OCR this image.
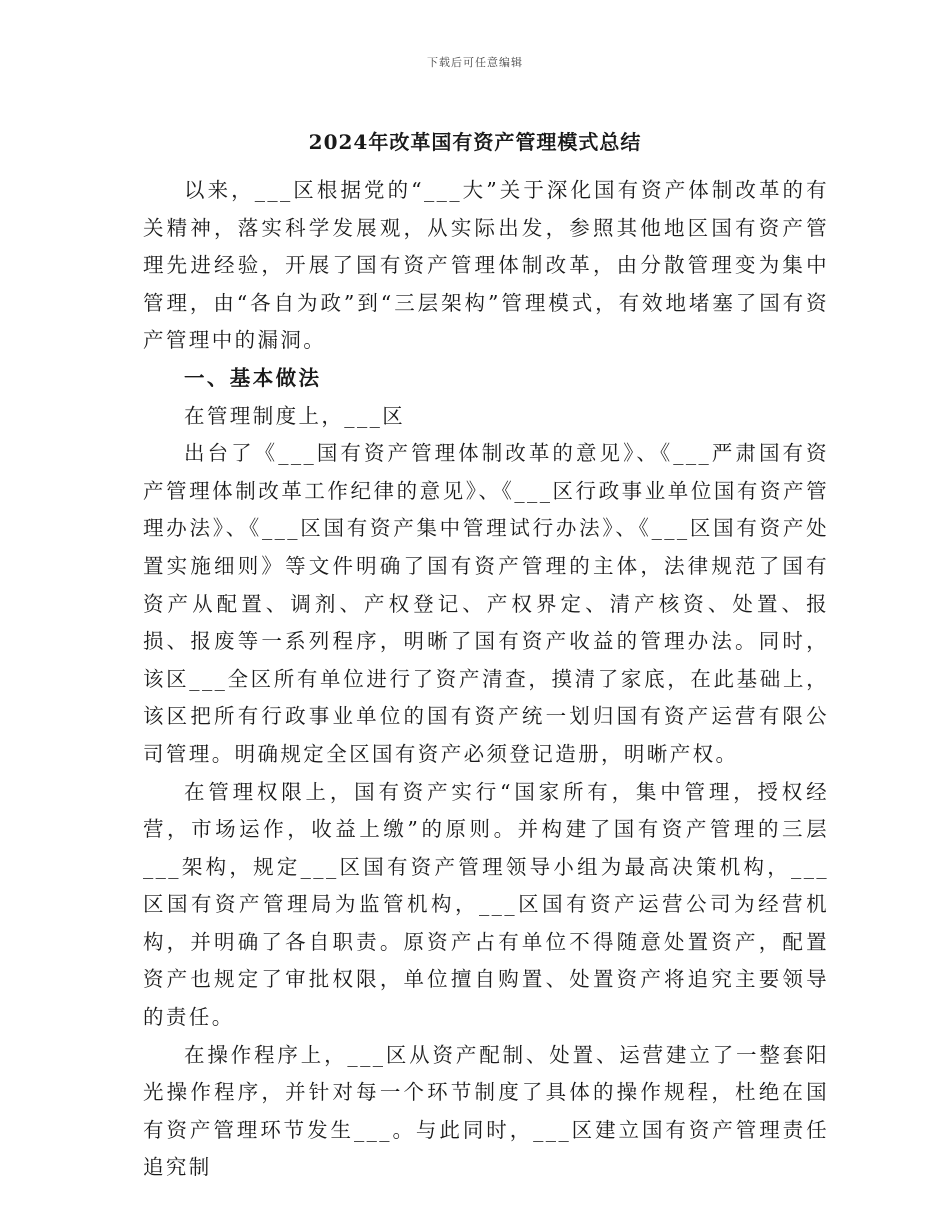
下载后可任意编辑
2024年改革国有资产管理模式总结

以来，___区根据党的“___大”关于深化国有资产体制改革的有关精神，落实科学发展观，从实际出发，参照其他地区国有资产管理先进经验，开展了国有资产管理体制改革，由分散管理变为集中管理，由“各自为政”到“三层架构”管理模式，有效地堵塞了国有资产管理中的漏洞。

一、基本做法

在管理制度上，___区

出台了《___国有资产管理体制改革的意见》、《___严肃国有资产管理体制改革工作纪律的意见》、《___区行政事业单位国有资产管理办法》、《___区国有资产集中管理试行办法》、《___区国有资产处置实施细则》等文件明确了国有资产管理的主体，法律规范了国有资产从配置、调剂、产权登记、产权界定、清产核资、处置、报损、报废等一系列程序，明晰了国有资产收益的管理办法。同时，该区___全区所有单位进行了资产清查，摸清了家底，在此基础上，该区把所有行政事业单位的国有资产统一划归国有资产运营有限公司管理。明确规定全区国有资产必须登记造册，明晰产权。

在管理权限上，国有资产实行“国家所有，集中管理，授权经营，市场运作，收益上缴”的原则。并构建了国有资产管理的三层___架构，规定___区国有资产管理领导小组为最高决策机构，___区国有资产管理局为监管机构，___区国有资产运营公司为经营机构，并明确了各自职责。原资产占有单位不得随意处置资产，配置资产也规定了审批权限，单位擅自购置、处置资产将追究主要领导的责任。

在操作程序上，___区从资产配制、处置、运营建立了一整套阳光操作程序，并针对每一个环节制度了具体的操作规程，杜绝在国有资产管理环节发生___。与此同时，___区建立国有资产管理责任追究制
